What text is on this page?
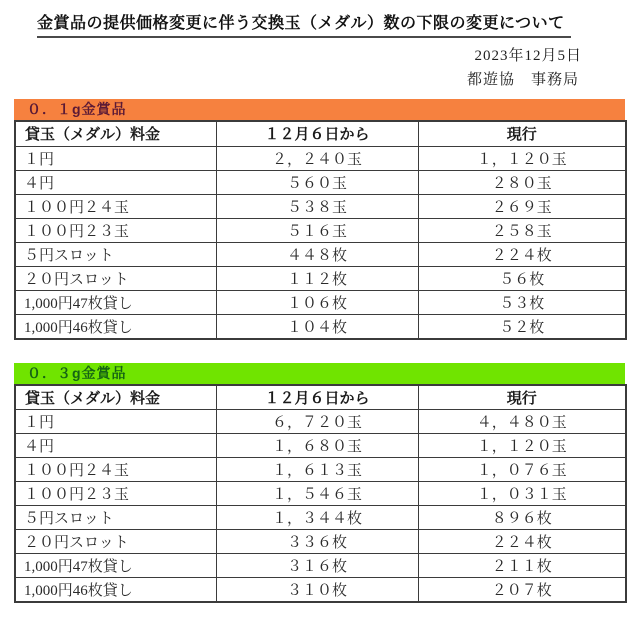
金賞品の提供価格変更に伴う交換玉（メダル）数の下限の変更について
2023年12月5日
都遊協　事務局
０．１g金賞品
貸玉（メダル）料金	１２月６日から	現行
１円	２，２４０玉	１，１２０玉
４円	５６０玉	２８０玉
１００円２４玉	５３８玉	２６９玉
１００円２３玉	５１６玉	２５８玉
５円スロット	４４８枚	２２４枚
２０円スロット	１１２枚	５６枚
1,000円47枚貸し	１０６枚	５３枚
1,000円46枚貸し	１０４枚	５２枚
０．３g金賞品
貸玉（メダル）料金	１２月６日から	現行
１円	６，７２０玉	４，４８０玉
４円	１，６８０玉	１，１２０玉
１００円２４玉	１，６１３玉	１，０７６玉
１００円２３玉	１，５４６玉	１，０３１玉
５円スロット	１，３４４枚	８９６枚
２０円スロット	３３６枚	２２４枚
1,000円47枚貸し	３１６枚	２１１枚
1,000円46枚貸し	３１０枚	２０７枚
